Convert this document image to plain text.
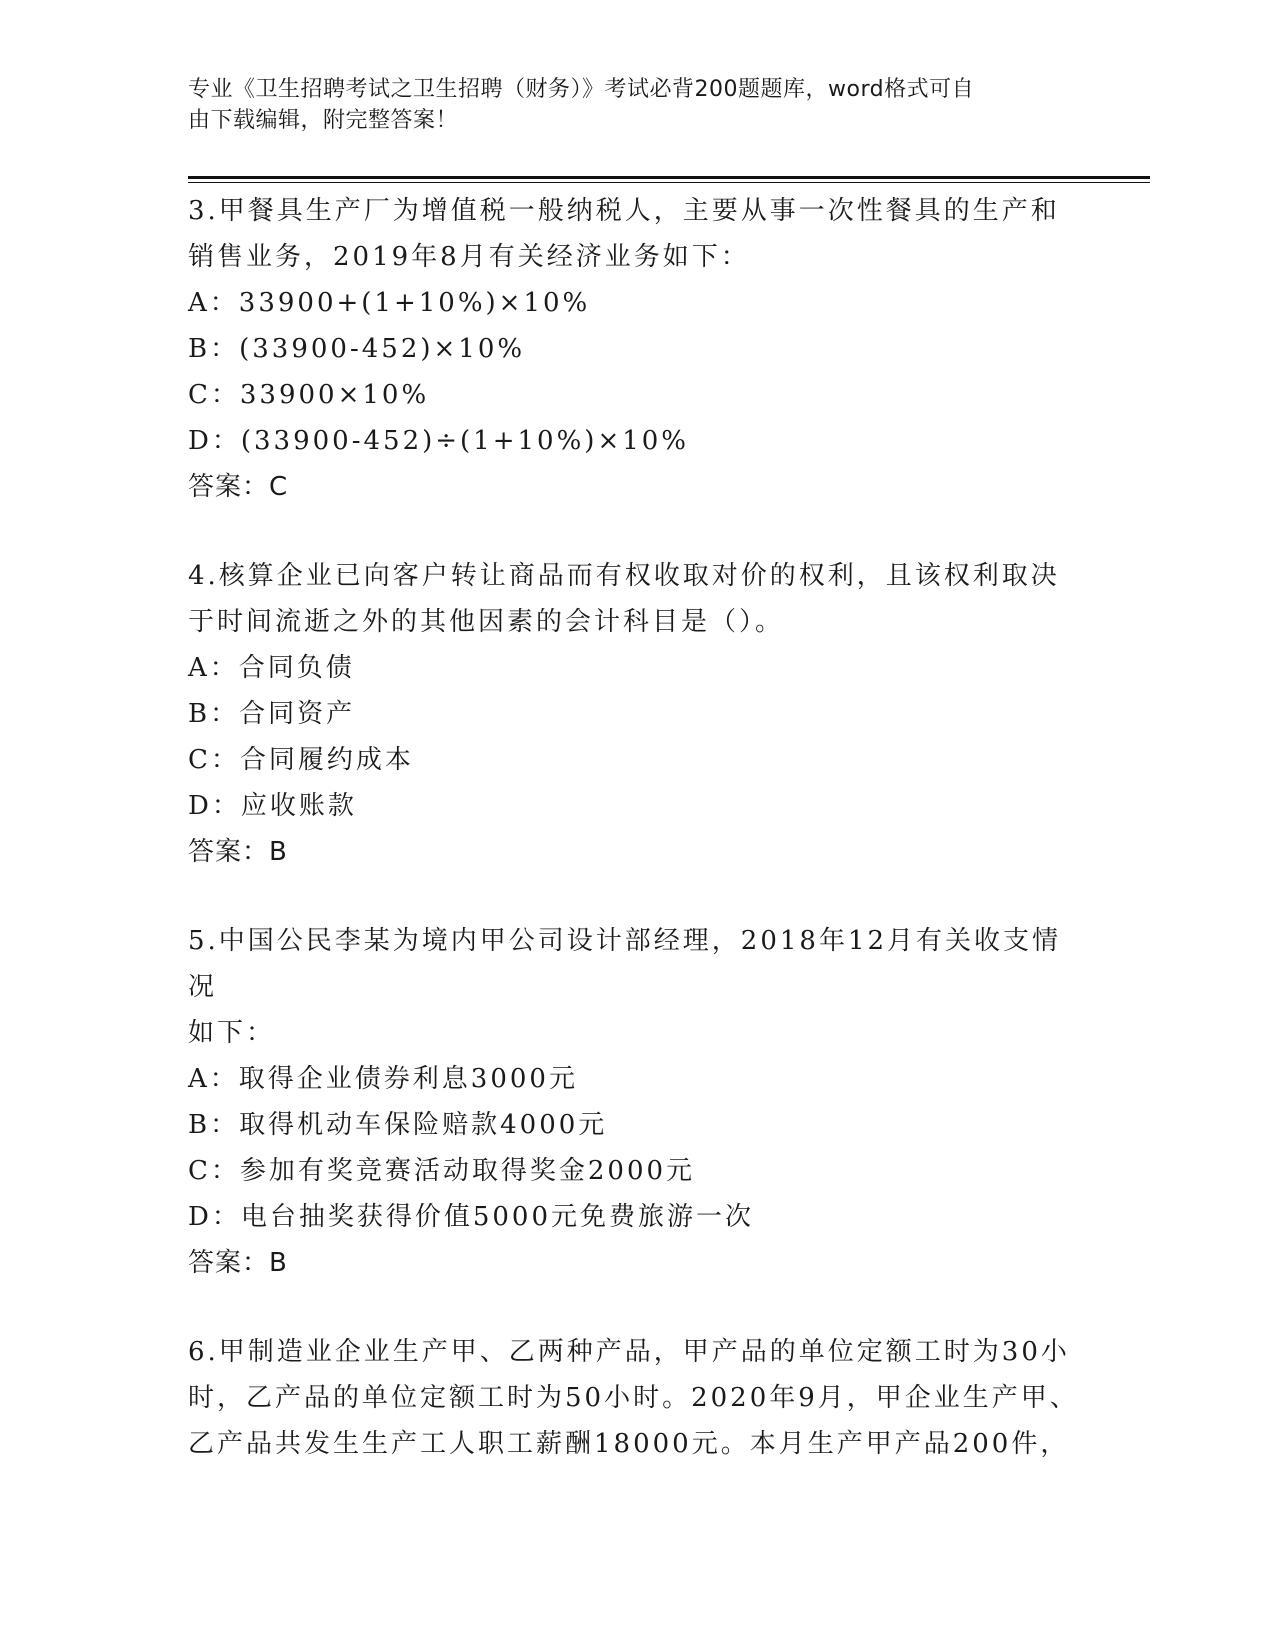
专业《卫生招聘考试之卫生招聘（财务）》考试必背200题题库，word格式可自
由下载编辑，附完整答案！

3.甲餐具生产厂为增值税一般纳税人，主要从事一次性餐具的生产和

销售业务，2019年8月有关经济业务如下：

A：33900+(1+10%)×10%

B：(33900-452)×10%

C：33900×10%

D：(33900-452)÷(1+10%)×10%

答案：C

4.核算企业已向客户转让商品而有权收取对价的权利，且该权利取决

于时间流逝之外的其他因素的会计科目是（）。

A：合同负债

B：合同资产

C：合同履约成本

D：应收账款

答案：B

5.中国公民李某为境内甲公司设计部经理，2018年12月有关收支情况

如下：

A：取得企业债券利息3000元

B：取得机动车保险赔款4000元

C：参加有奖竞赛活动取得奖金2000元

D：电台抽奖获得价值5000元免费旅游一次

答案：B

6.甲制造业企业生产甲、乙两种产品，甲产品的单位定额工时为30小

时，乙产品的单位定额工时为50小时。2020年9月，甲企业生产甲、

乙产品共发生生产工人职工薪酬18000元。本月生产甲产品200件，
